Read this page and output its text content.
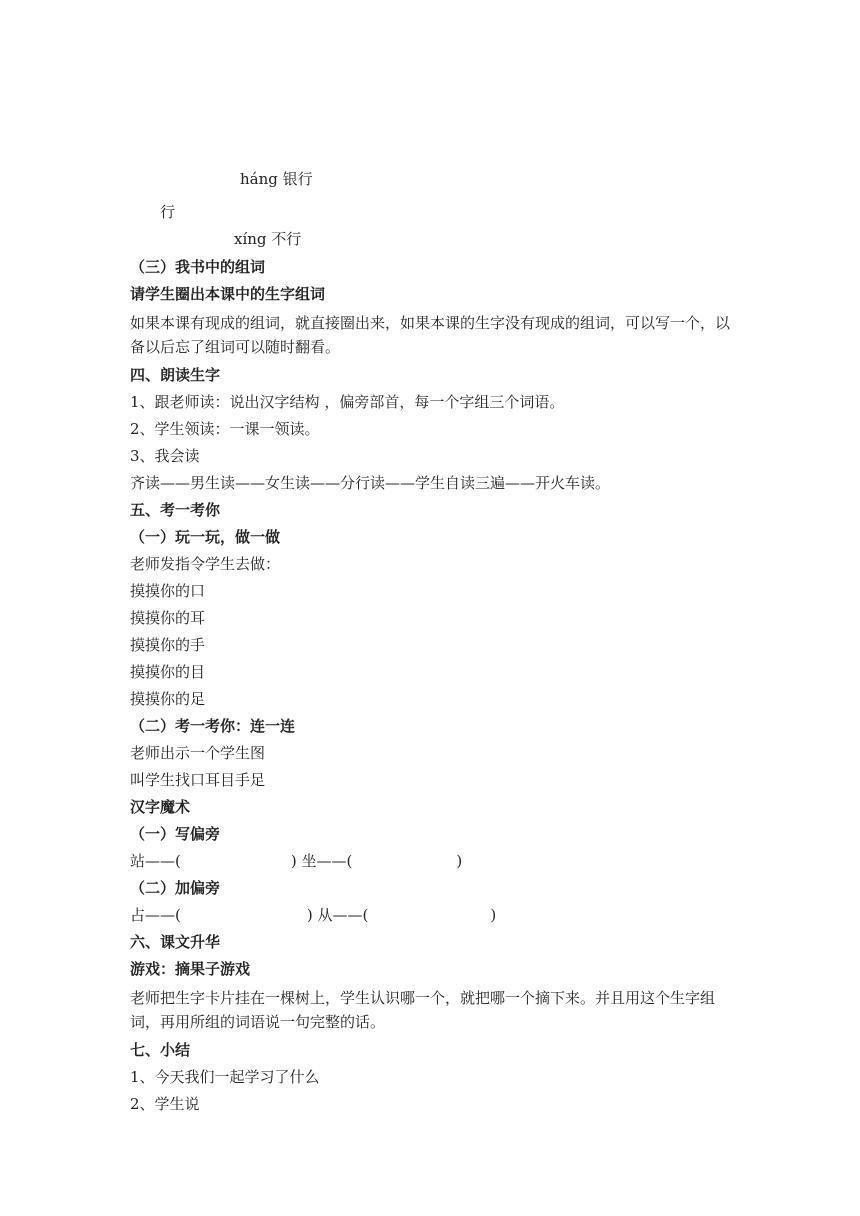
háng 银行
行
xíng 不行
（三）我书中的组词
请学生圈出本课中的生字组词
如果本课有现成的组词，就直接圈出来，如果本课的生字没有现成的组词，可以写一个，以备以后忘了组词可以随时翻看。
四、朗读生字
1、跟老师读：说出汉字结构 ，偏旁部首，每一个字组三个词语。
2、学生领读：一课一领读。
3、我会读
齐读——男生读——女生读——分行读——学生自读三遍——开火车读。
五、考一考你
（一）玩一玩，做一做
老师发指令学生去做：
摸摸你的口
摸摸你的耳
摸摸你的手
摸摸你的目
摸摸你的足
（二）考一考你：连一连
老师出示一个学生图
叫学生找口耳目手足
汉字魔术
（一）写偏旁
站——(	) 坐——(	)
（二）加偏旁
占——(	) 从——(	)
六、课文升华
游戏：摘果子游戏
老师把生字卡片挂在一棵树上，学生认识哪一个，就把哪一个摘下来。并且用这个生字组词，再用所组的词语说一句完整的话。
七、小结
1、今天我们一起学习了什么
2、学生说
